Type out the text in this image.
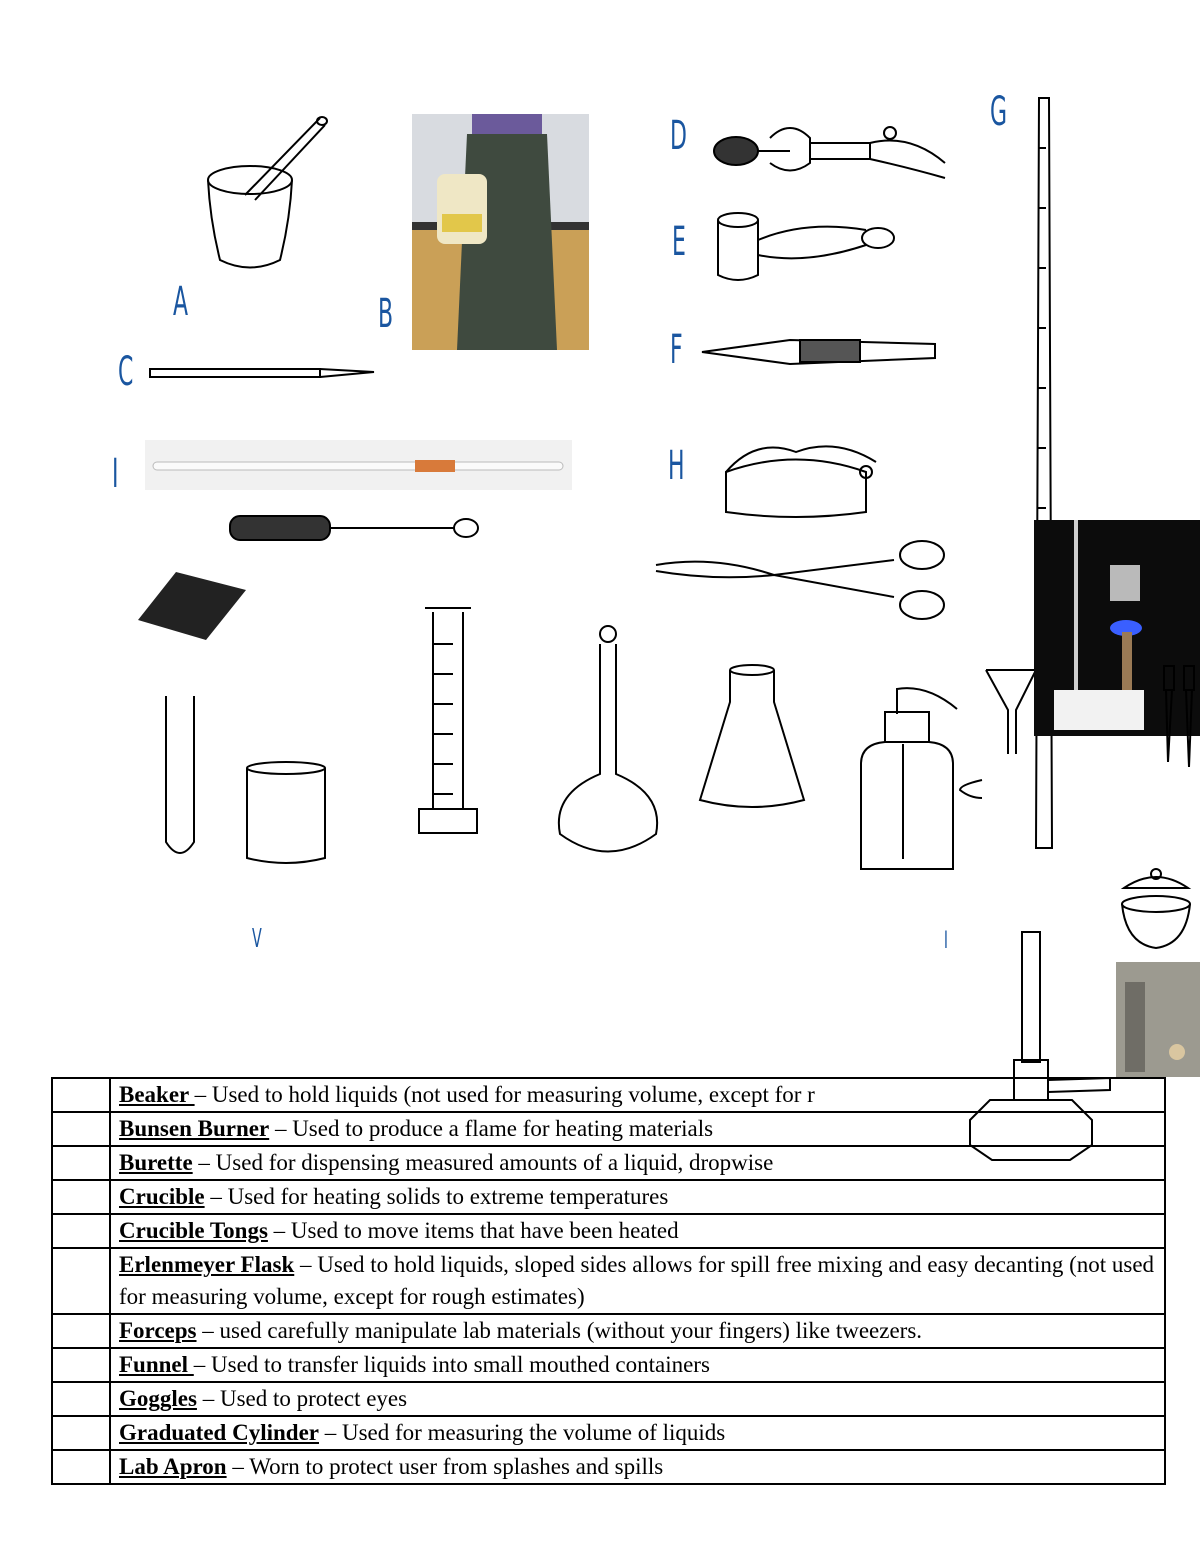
A	B
C
D
E
F
G
H
I
V	I
	Beaker – Used to hold liquids (not used for measuring volume, except for r
	Bunsen Burner – Used to produce a flame for heating materials
	Burette – Used for dispensing measured amounts of a liquid, dropwise
	Crucible – Used for heating solids to extreme temperatures
	Crucible Tongs – Used to move items that have been heated
	Erlenmeyer Flask – Used to hold liquids, sloped sides allows for spill free mixing and easy decanting (not used for measuring volume, except for rough estimates)
	Forceps – used carefully manipulate lab materials (without your fingers) like tweezers.
	Funnel – Used to transfer liquids into small mouthed containers
	Goggles – Used to protect eyes
	Graduated Cylinder – Used for measuring the volume of liquids
	Lab Apron – Worn to protect user from splashes and spills
